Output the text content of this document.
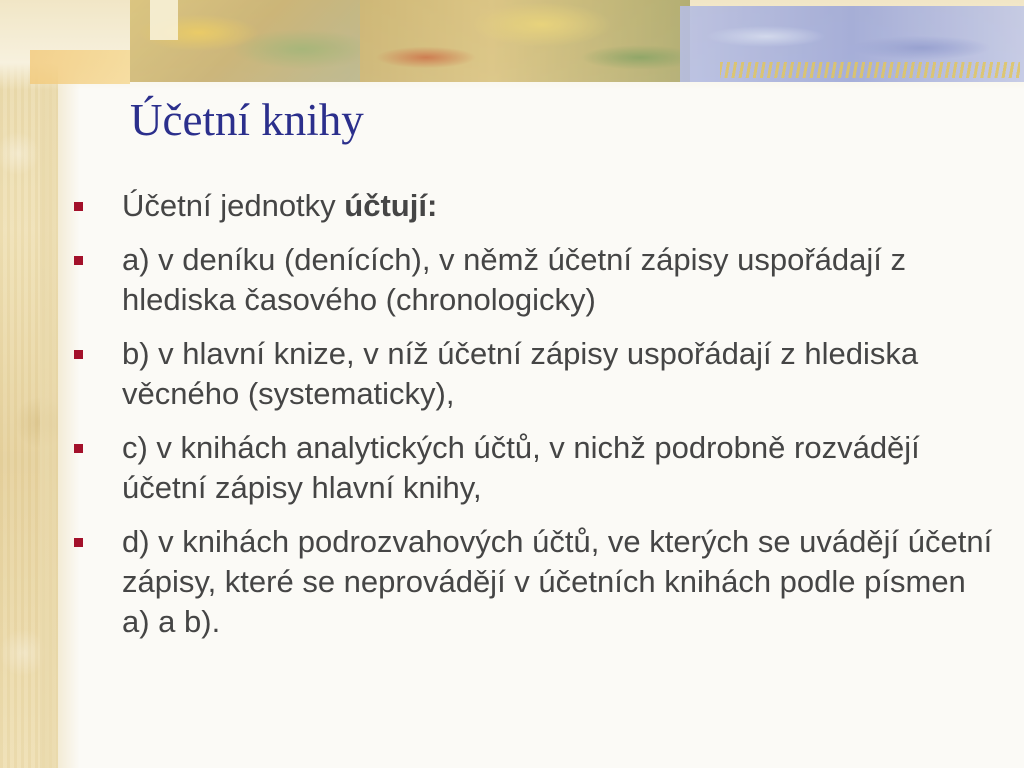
Účetní knihy
Účetní jednotky účtují:
a) v deníku (denících), v němž účetní zápisy uspořádají z hlediska časového (chronologicky)
b) v hlavní knize, v níž účetní zápisy uspořádají z hlediska věcného (systematicky),
c) v knihách analytických účtů, v nichž podrobně rozvádějí účetní zápisy hlavní knihy,
d) v knihách podrozvahových účtů, ve kterých se uvádějí účetní zápisy, které se neprovádějí v účetních knihách podle písmen a) a b).
